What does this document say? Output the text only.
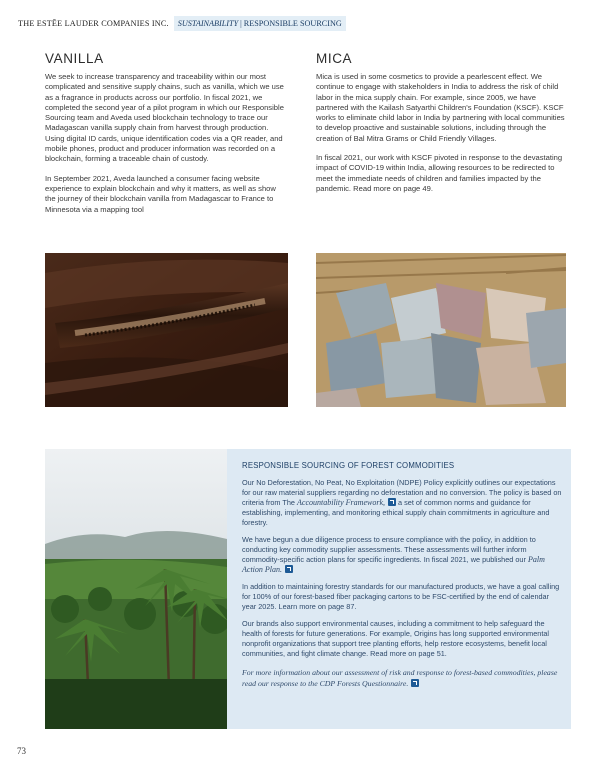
THE ESTĒE LAUDER COMPANIES INC. SUSTAINABILITY | RESPONSIBLE SOURCING
VANILLA

We seek to increase transparency and traceability within our most complicated and sensitive supply chains, such as vanilla, which we use as a fragrance in products across our portfolio. In fiscal 2021, we completed the second year of a pilot program in which our Responsible Sourcing team and Aveda used blockchain technology to trace our Madagascan vanilla supply chain from harvest through production. Using digital ID cards, unique identification codes via a QR reader, and mobile phones, product and producer information was recorded on a blockchain, forming a traceable chain of custody.

In September 2021, Aveda launched a consumer facing website experience to explain blockchain and why it matters, as well as show the journey of their blockchain vanilla from Madagascar to France to Minnesota via a mapping tool

MICA

Mica is used in some cosmetics to provide a pearlescent effect. We continue to engage with stakeholders in India to address the risk of child labor in the mica supply chain. For example, since 2005, we have partnered with the Kailash Satyarthi Children's Foundation (KSCF). KSCF works to eliminate child labor in India by partnering with local communities to develop proactive and sustainable solutions, including through the creation of Bal Mitra Grams or Child Friendly Villages.

In fiscal 2021, our work with KSCF pivoted in response to the devastating impact of COVID-19 within India, allowing resources to be redirected to meet the immediate needs of children and families impacted by the pandemic. Read more on page 49.

RESPONSIBLE SOURCING OF FOREST COMMODITIES

Our No Deforestation, No Peat, No Exploitation (NDPE) Policy explicitly outlines our expectations for our raw material suppliers regarding no deforestation and no conversion. The policy is based on criteria from The Accountability Framework, a set of common norms and guidance for establishing, implementing, and monitoring ethical supply chain commitments in agriculture and forestry.

We have begun a due diligence process to ensure compliance with the policy, in addition to conducting key commodity supplier assessments. These assessments will further inform commodity-specific action plans for specific ingredients. In fiscal 2021, we published our Palm Action Plan.

In addition to maintaining forestry standards for our manufactured products, we have a goal calling for 100% of our forest-based fiber packaging cartons to be FSC-certified by the end of calendar year 2025. Learn more on page 87.

Our brands also support environmental causes, including a commitment to help safeguard the health of forests for future generations. For example, Origins has long supported environmental nonprofit organizations that support tree planting efforts, help restore ecosystems, benefit local communities, and fight climate change. Read more on page 51.

For more information about our assessment of risk and response to forest-based commodities, please read our response to the CDP Forests Questionnaire.

73
